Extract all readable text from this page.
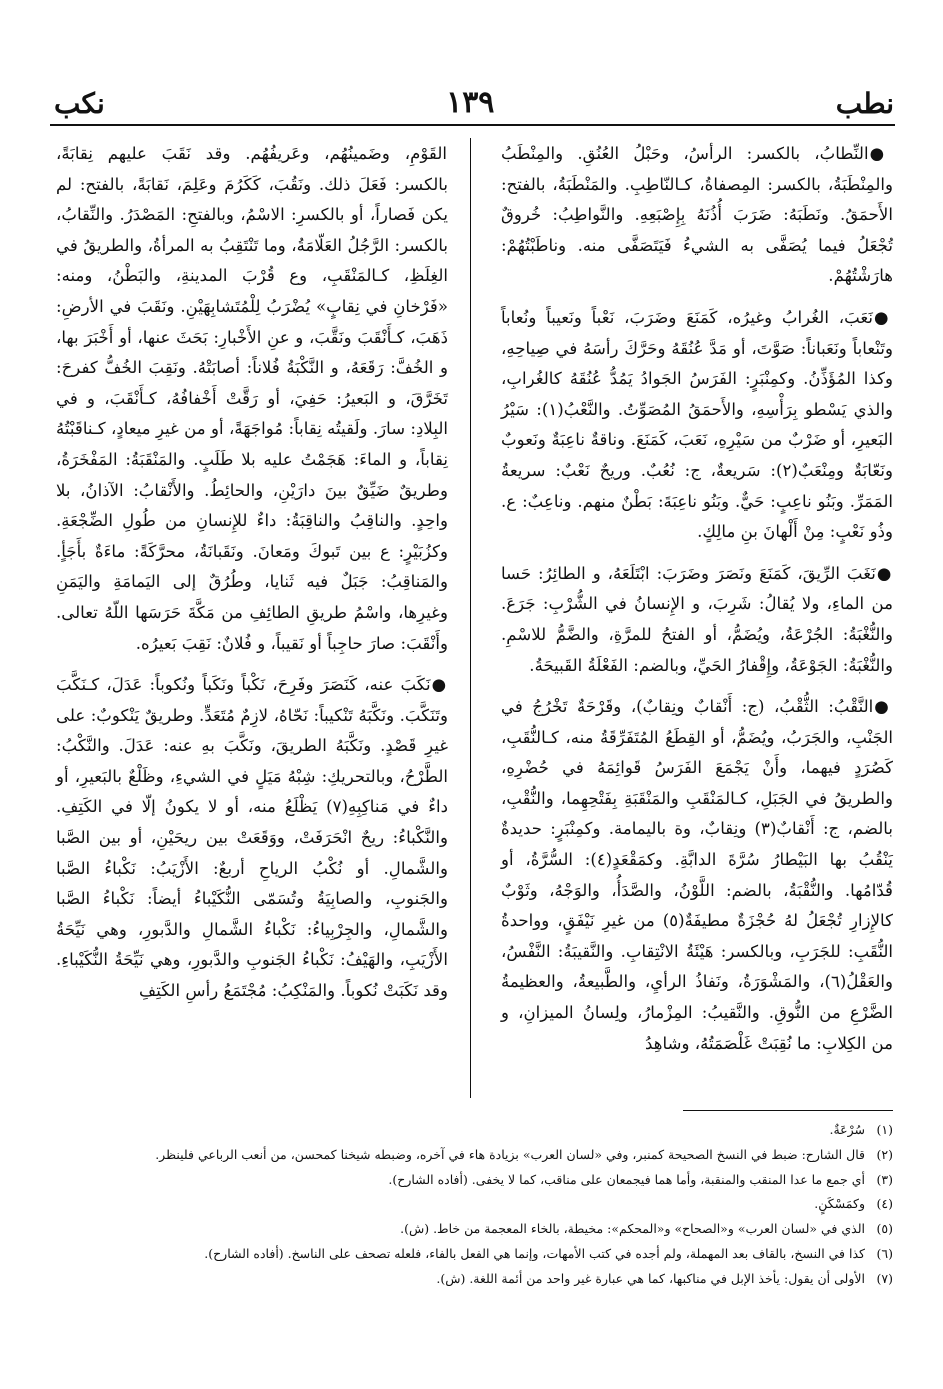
نطب
١٣٩
نكب

●النِّطابُ، بالكسر: الرأسُ، وحَبْلُ العُنُقِ. والمِنْطَبُ والمِنْطَبَةُ، بالكسر: المِصفاةُ، كـالنّاطِبِ. والمَنْطَبَةُ، بالفتح: الأَحمَقُ. ونَطَبَهُ: ضَرَبَ أُذُنَهُ بِإِصْبَعِهِ. والنَّواطِبُ: خُروقٌ تُجْعَلُ فيما يُصَفَّى به الشيءُ فَيَتَصَفَّى منه. وناطَبْتُهُمْ: هارَشْتُهُمْ.

●نَعَبَ، الغُرابُ وغيرُه، كَمَنَعَ وضَرَبَ، نَعْباً ونَعيباً ونُعاباً وتَنْعاباً ونَعَباناً: صَوَّتَ، أو مَدَّ عُنُقَهُ وحَرَّكَ رأسَهُ في صِياحِهِ، وكذا المُؤَذِّنُ. وكمِنْبَرٍ: الفَرَسُ الجَوادُ يَمُدُّ عُنُقَهُ كالغُرابِ، والذي يَسْطو بِرَأْسِهِ، والأَحمَقُ المُصَوِّتُ. والنَّعْبُ(١): سَيْرُ البَعيرِ، أو ضَرْبٌ من سَيْرِهِ، نَعَبَ، كَمَنَعَ. وناقةٌ ناعِبَةٌ ونَعوبٌ ونَعّابَةٌ ومِنْعَبٌ(٢): سَريعةٌ، ج: نُعُبٌ. وريحٌ نَعْبٌ: سريعةُ المَمَرِّ. وبَنُو ناعِبٍ: حَيٌّ. وبَنُو ناعِبَةَ: بَطْنٌ منهم. وناعِبٌ: ع. وذُو نَعْبٍ: مِنْ أَلْهانَ بنِ مالِكٍ.

●نَغَبَ الرِّيقَ، كَمَنَعَ ونَصَرَ وضَرَبَ: ابْتَلَعَهُ، و الطائِرُ: حَسا من الماءِ، ولا يُقالُ: شَرِبَ، و الإِنسانُ في الشُّرْبِ: جَرَعَ. والنُّغْبَةُ: الجُرْعَةُ، ويُضَمُّ، أو الفتحُ للمرَّةِ، والضَّمُّ للاسْمِ. والنُّغْبَةُ: الجَوْعَةُ، وإِقْفارُ الحَيِّ، وبالضم: الفَعْلَةُ القَبيحَةُ.

●النَّقْبُ: الثُّقْبُ، (ج: أَنْقابٌ ونِقابٌ)، وقَرْحَةٌ تَخْرُجُ في الجَنْبِ، والجَرَبُ، ويُضَمُّ، أو القِطَعُ المُتَفَرِّقَةُ منه، كـالنُّقَبِ، كَصُرَدٍ فيهما، وأَنْ يَجْمَعَ الفَرَسُ قَوائِمَهُ في حُضْرِهِ، والطريقُ في الجَبَلِ، كـالمَنْقَبِ والمَنْقَبَةِ بِفَتْحِهِما، والنُّقْبِ، بالضم، ج: أَنْقابٌ(٣) ونِقابٌ، وة باليمامة. وكمِنْبَرٍ: حديدةٌ يَنْقُبُ بها البَيْطارُ سُرَّةَ الدابَّةِ. وكمَقْعَدٍ(٤): السُّرَّةُ، أو قُدّامُها. والنُّقْبَةُ، بالضم: اللَّوْنُ، والصَّدَأُ، والوَجْهُ، وثَوْبٌ كالإِزارِ تُجْعَلُ لهُ حُجْزَةٌ مطيفَةٌ(٥) من غيرِ نَيْفَقٍ، وواحدةُ النُّقَبِ: للجَرَبِ، وبالكسر: هَيْئَةُ الانْتِقابِ. والنَّقيبَةُ: النَّفْسُ، والعَقْلُ(٦)، والمَشْوَرَةُ، ونَفاذُ الرأيِ، والطَّبيعةُ، والعظيمةُ الضَّرْعِ من النُّوقِ. والنَّقيبُ: المِزْمارُ، ولِسانُ الميزانِ، و من الكِلابِ: ما نُقِبَتْ غَلْصَمَتُهُ، وشاهِدُ

القَوْمِ، وضَمينُهُم، وعَريفُهُم. وقد نَقَبَ عليهم نِقابَةً، بالكسر: فَعَلَ ذلك. ونَقُبَ، كَكَرُمَ وعَلِمَ، نَقابَةً، بالفتح: لم يكن فَصاراً، أو بالكسرِ: الاسْمُ، وبالفتحِ: المَصْدَرُ. والنِّقابُ، بالكسر: الرَّجُلُ العَلّامَةُ، وما تَنْتَقِبُ به المرأةُ، والطريقُ في الغِلَظِ، كـالمَنْقَبِ، وع قُرْبَ المدينةِ، والبَطْنُ، ومنه: «فَرْخانِ في نِقابٍ» يُضْرَبُ لِلْمُتَشابِهَيْنِ. ونَقَبَ في الأرضِ: ذَهَبَ، كـأَنْقَبَ ونَقَّبَ، و عنِ الأَخْبارِ: بَحَثَ عنها، أو أَخْبَرَ بها، و الخُفَّ: رَقَعَهُ، و النَّكْبَةُ فُلاناً: أصابَتْهُ. ونَقِبَ الخُفُّ كفرحَ: تَخَرَّقَ، و البَعيرُ: حَفِيَ، أو رَقَّتْ أَخْفافُهُ، كـأَنْقَبَ، و في البِلادِ: سارَ. ولَقيتُه نِقاباً: مُواجَهَةً، أو من غيرِ ميعادٍ، كـناقَبْتُهُ نِقاباً، و الماءَ: هَجَمْتُ عليه بلا طَلَبٍ. والمَنْقَبَةُ: المَفْخَرَةُ، وطريقٌ ضَيِّقٌ بينَ دارَيْنِ، والحائِطُ. والأَنْقابُ: الآذانُ، بلا واحِدٍ. والناقِبُ والناقِبَةُ: داءٌ للإِنسانِ من طُولِ الضِّجْعَةِ. وكزُبَيْرٍ: ع بين تَبوكَ ومَعانَ. ونَقَبانَةُ، محرَّكَةً: ماءَةٌ بأَجَأٍ. والمَناقِبُ: جَبَلٌ فيه ثَنايا، وطُرُقٌ إلى اليَمامَةِ واليَمَنِ وغيرِها، واسْمُ طريقِ الطائِفِ من مَكَّةَ حَرَسَها اللّهُ تعالى. وأَنْقَبَ: صارَ حاجِباً أو نَقيباً، و فُلانٌ: نَقِبَ بَعيرُه.

●نَكَبَ عنه، كَنَصَرَ وفَرِحَ، نَكْباً ونَكَباً ونُكوباً: عَدَلَ، كـنَكَّبَ وتَنَكَّبَ. ونَكَّبَهُ تَنْكيباً: نَحّاهُ، لازِمٌ مُتَعَدٍّ. وطريقٌ يَنْكوبٌ: على غيرِ قَصْدٍ. ونَكَّبَهُ الطريقَ، ونَكَّبَ بهِ عنه: عَدَلَ. والنَّكْبُ: الطَّرْحُ، وبالتحريكِ: شِبْهُ مَيَلٍ في الشيءِ، وظَلْعٌ بالبَعيرِ، أو داءٌ في مَناكِبِهِ(٧) يَظْلَعُ منه، أو لا يكونُ إلّا في الكَتِفِ. والنَّكْباءُ: ريحٌ انْحَرَفَتْ، ووَقَعَتْ بين ريحَيْنِ، أو بين الصَّبا والشَّمالِ. أو نُكْبُ الرياحِ أربعٌ: الأَزْيَبُ: نَكْباءُ الصَّبا والجَنوبِ، والصابِيَةُ وتُسَمّى النُّكَيْباءُ أيضاً: نَكْباءُ الصَّبا والشَّمالِ، والجِرْبِياءُ: نَكْباءُ الشَّمالِ والدَّبورِ، وهي نَيِّحَةُ الأَزْيَبِ، والهَيْفُ: نَكْباءُ الجَنوبِ والدَّبورِ، وهي نَيِّحَةُ النُّكَيْباءِ. وقد نَكَبَتْ نُكوباً. والمَنْكِبُ: مُجْتَمَعُ رأسِ الكَتِفِ

(١)سُرْعَةٌ.
(٢)قال الشارح: ضبط في النسخ الصحيحة كمنبر، وفي «لسان العرب» بزيادة هاء في آخره، وضبطه شيخنا كمحسن، من أنعب الرباعي فلينظر.
(٣)أي جمع ما عدا المنقب والمنقبة، وأما هما فيجمعان على مناقب، كما لا يخفى. (أفاده الشارح).
(٤)وكمَسْكَنٍ.
(٥)الذي في «لسان العرب» و«الصحاح» و«المحكم»: مخيطة، بالخاء المعجمة من خاط. (ش).
(٦)كذا في النسخ، بالقاف بعد المهملة، ولم أجده في كتب الأمهات، وإنما هي الفعل بالفاء، فلعله تصحف على الناسخ. (أفاده الشارح).
(٧)الأولى أن يقول: يأخذ الإبل في مناكبها، كما هي عبارة غير واحد من أئمة اللغة. (ش).
